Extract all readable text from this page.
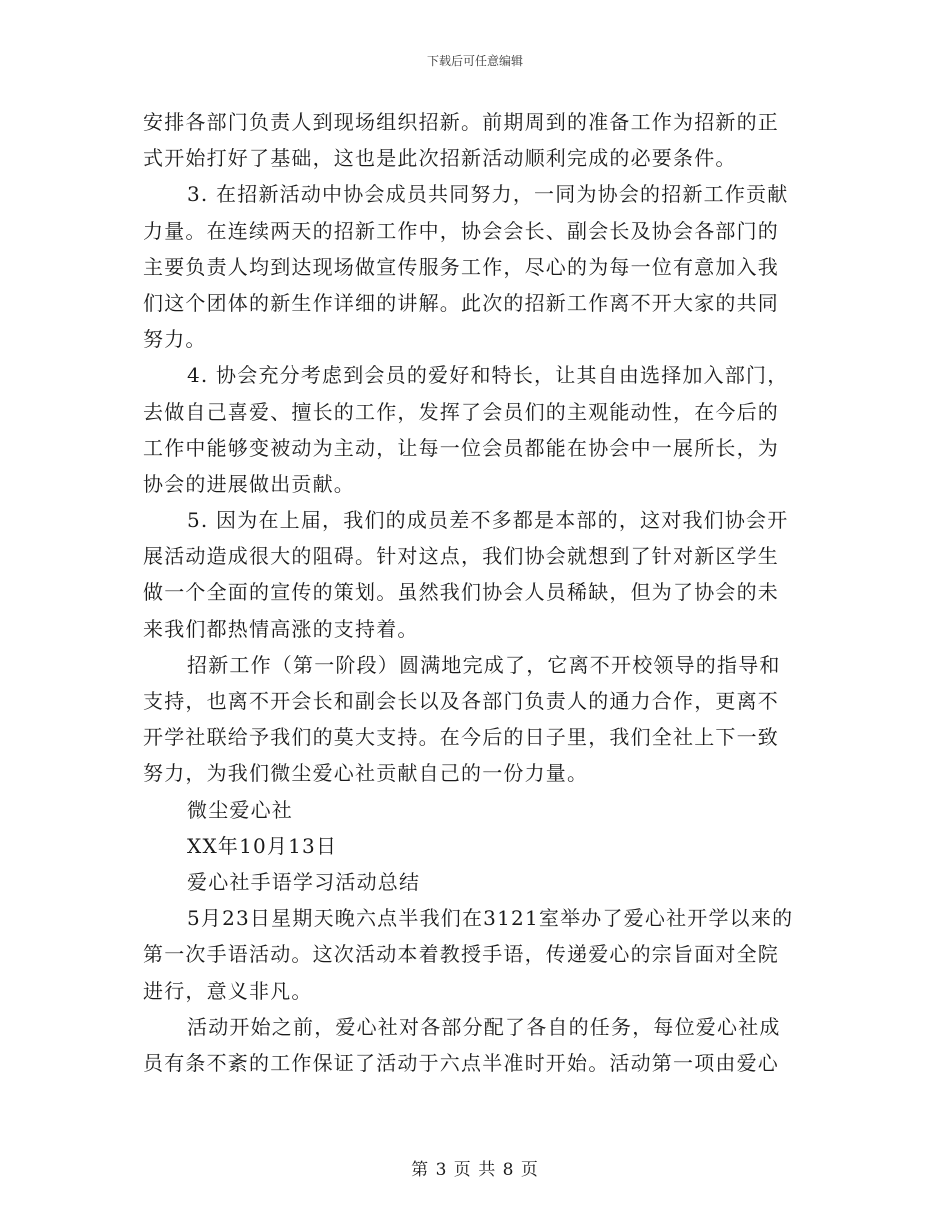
下载后可任意编辑
安排各部门负责人到现场组织招新。前期周到的准备工作为招新的正
式开始打好了基础，这也是此次招新活动顺利完成的必要条件。
3. 在招新活动中协会成员共同努力，一同为协会的招新工作贡献
力量。在连续两天的招新工作中，协会会长、副会长及协会各部门的
主要负责人均到达现场做宣传服务工作，尽心的为每一位有意加入我
们这个团体的新生作详细的讲解。此次的招新工作离不开大家的共同
努力。
4. 协会充分考虑到会员的爱好和特长，让其自由选择加入部门，
去做自己喜爱、擅长的工作，发挥了会员们的主观能动性，在今后的
工作中能够变被动为主动，让每一位会员都能在协会中一展所长，为
协会的进展做出贡献。
5. 因为在上届，我们的成员差不多都是本部的，这对我们协会开
展活动造成很大的阻碍。针对这点，我们协会就想到了针对新区学生
做一个全面的宣传的策划。虽然我们协会人员稀缺，但为了协会的未
来我们都热情高涨的支持着。
招新工作（第一阶段）圆满地完成了，它离不开校领导的指导和
支持，也离不开会长和副会长以及各部门负责人的通力合作，更离不
开学社联给予我们的莫大支持。在今后的日子里，我们全社上下一致
努力，为我们微尘爱心社贡献自己的一份力量。
微尘爱心社
XX年10月13日
爱心社手语学习活动总结
5月23日星期天晚六点半我们在3121室举办了爱心社开学以来的
第一次手语活动。这次活动本着教授手语，传递爱心的宗旨面对全院
进行，意义非凡。
活动开始之前，爱心社对各部分配了各自的任务，每位爱心社成
员有条不紊的工作保证了活动于六点半准时开始。活动第一项由爱心
第 3 页 共 8 页
